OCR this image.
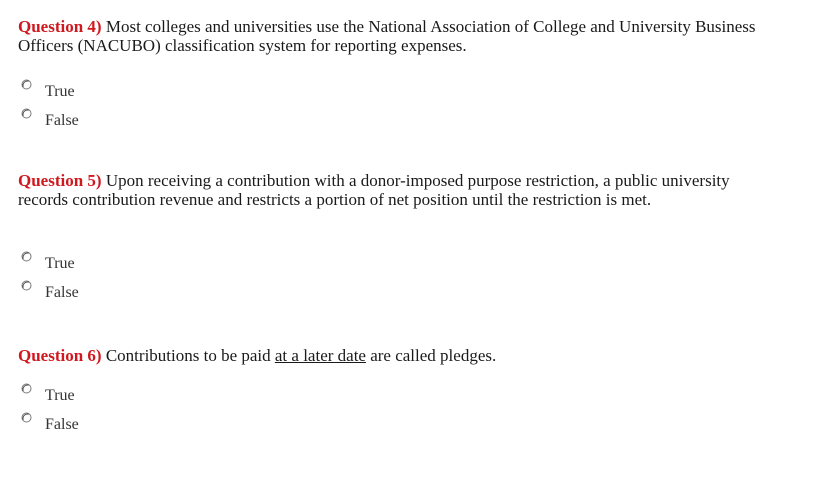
Question 4) Most colleges and universities use the National Association of College and University Business Officers (NACUBO) classification system for reporting expenses.

True
False

Question 5) Upon receiving a contribution with a donor-imposed purpose restriction, a public university records contribution revenue and restricts a portion of net position until the restriction is met.

True
False

Question 6) Contributions to be paid at a later date are called pledges.

True
False
